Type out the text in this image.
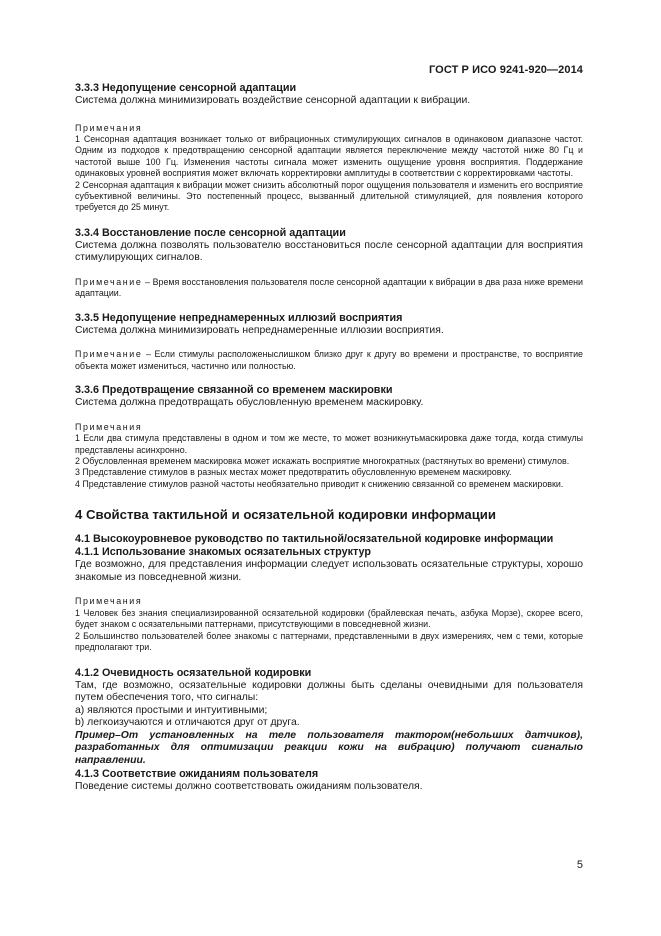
ГОСТ Р ИСО 9241-920—2014
3.3.3 Недопущение сенсорной адаптации
Система должна минимизировать воздействие сенсорной адаптации к вибрации.
Примечания
1 Сенсорная адаптация возникает только от вибрационных стимулирующих сигналов в одинаковом диапазоне частот. Одним из подходов к предотвращению сенсорной адаптации является переключение между частотой ниже 80 Гц и частотой выше 100 Гц. Изменения частоты сигнала может изменить ощущение уровня восприятия. Поддержание одинаковых уровней восприятия может включать корректировки амплитуды в соответствии с корректировками частоты.
2 Сенсорная адаптация к вибрации может снизить абсолютный порог ощущения пользователя и изменить его восприятие субъективной величины. Это постепенный процесс, вызванный длительной стимуляцией, для появления которого требуется до 25 минут.
3.3.4 Восстановление после сенсорной адаптации
Система должна позволять пользователю восстановиться после сенсорной адаптации для восприятия стимулирующих сигналов.
Примечание – Время восстановления пользователя после сенсорной адаптации к вибрации в два раза ниже времени адаптации.
3.3.5 Недопущение непреднамеренных иллюзий восприятия
Система должна минимизировать непреднамеренные иллюзии восприятия.
Примечание – Если стимулы расположеныслишком близко друг к другу во времени и пространстве, то восприятие объекта может измениться, частично или полностью.
3.3.6 Предотвращение связанной со временем маскировки
Система должна предотвращать обусловленную временем маскировку.
Примечания
1 Если два стимула представлены в одном и том же месте, то может возникнутьмаскировка даже тогда, когда стимулы представлены асинхронно.
2 Обусловленная временем маскировка может искажать восприятие многократных (растянутых во времени) стимулов.
3 Представление стимулов в разных местах может предотвратить обусловленную временем маскировку.
4 Представление стимулов разной частоты необязательно приводит к снижению связанной со временем маскировки.
4 Свойства тактильной и осязательной кодировки информации
4.1 Высокоуровневое руководство по тактильной/осязательной кодировке информации
4.1.1 Использование знакомых осязательных структур
Где возможно, для представления информации следует использовать осязательные структуры, хорошо знакомые из повседневной жизни.
Примечания
1 Человек без знания специализированной осязательной кодировки (брайлевская печать, азбука Морзе), скорее всего, будет знаком с осязательными паттернами, присутствующими в повседневной жизни.
2 Большинство пользователей более знакомы с паттернами, представленными в двух измерениях, чем с теми, которые предполагают три.
4.1.2 Очевидность осязательной кодировки
Там, где возможно, осязательные кодировки должны быть сделаны очевидными для пользователя путем обеспечения того, что сигналы:
а) являются простыми и интуитивными;
b) легкоизучаются и отличаются друг от друга.
Пример–От установленных на теле пользователя тактором(небольших датчиков), разработанных для оптимизации реакции кожи на вибрацию) получают сигналыо направлении.
4.1.3 Соответствие ожиданиям пользователя
Поведение системы должно соответствовать ожиданиям пользователя.
5
